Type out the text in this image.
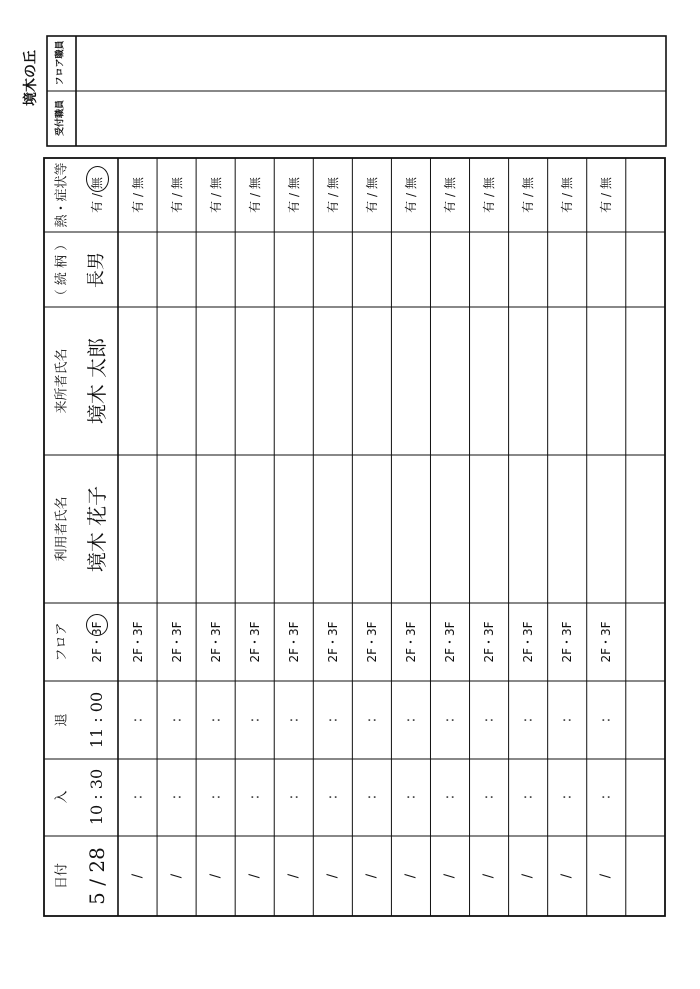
境木の丘
受付職員
フロア職員
日付
入
退
フロア
利用者氏名
来所者氏名
（ 続 柄 ）
熱・症状等
5 / 28
10 : 30
11 : 00
2F・3F
境木 花子
境木 太郎
長男
有 / 無
/
:
:
2F・3F
有 / 無
/
:
:
2F・3F
有 / 無
/
:
:
2F・3F
有 / 無
/
:
:
2F・3F
有 / 無
/
:
:
2F・3F
有 / 無
/
:
:
2F・3F
有 / 無
/
:
:
2F・3F
有 / 無
/
:
:
2F・3F
有 / 無
/
:
:
2F・3F
有 / 無
/
:
:
2F・3F
有 / 無
/
:
:
2F・3F
有 / 無
/
:
:
2F・3F
有 / 無
/
:
:
2F・3F
有 / 無
